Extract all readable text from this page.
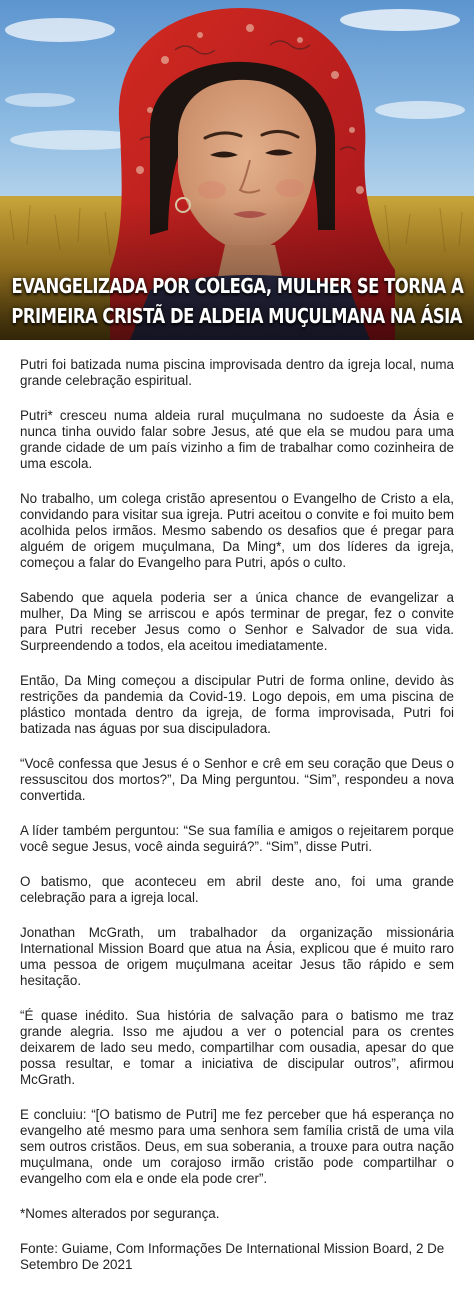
EVANGELIZADA POR COLEGA, MULHER SE TORNA A
PRIMEIRA CRISTÃ DE ALDEIA MUÇULMANA NA ÁSIA

Putri foi batizada numa piscina improvisada dentro da igreja local, numa grande celebração espiritual.

Putri* cresceu numa aldeia rural muçulmana no sudoeste da Ásia e nunca tinha ouvido falar sobre Jesus, até que ela se mudou para uma grande cidade de um país vizinho a fim de trabalhar como cozinheira de uma escola.

No trabalho, um colega cristão apresentou o Evangelho de Cristo a ela, convidando para visitar sua igreja. Putri aceitou o convite e foi muito bem acolhida pelos irmãos. Mesmo sabendo os desafios que é pregar para alguém de origem muçulmana, Da Ming*, um dos líderes da igreja, começou a falar do Evangelho para Putri, após o culto.

Sabendo que aquela poderia ser a única chance de evangelizar a mulher, Da Ming se arriscou e após terminar de pregar, fez o convite para Putri receber Jesus como o Senhor e Salvador de sua vida. Surpreendendo a todos, ela aceitou imediatamente.

Então, Da Ming começou a discipular Putri de forma online, devido às restrições da pandemia da Covid-19. Logo depois, em uma piscina de plástico montada dentro da igreja, de forma improvisada, Putri foi batizada nas águas por sua discipuladora.

“Você confessa que Jesus é o Senhor e crê em seu coração que Deus o ressuscitou dos mortos?”, Da Ming perguntou. “Sim”, respondeu a nova convertida.

A líder também perguntou: “Se sua família e amigos o rejeitarem porque você segue Jesus, você ainda seguirá?”. “Sim”, disse Putri.

O batismo, que aconteceu em abril deste ano, foi uma grande celebração para a igreja local.

Jonathan McGrath, um trabalhador da organização missionária International Mission Board que atua na Ásia, explicou que é muito raro uma pessoa de origem muçulmana aceitar Jesus tão rápido e sem hesitação.

“É quase inédito. Sua história de salvação para o batismo me traz grande alegria. Isso me ajudou a ver o potencial para os crentes deixarem de lado seu medo, compartilhar com ousadia, apesar do que possa resultar, e tomar a iniciativa de discipular outros”, afirmou McGrath.

E concluiu: “[O batismo de Putri] me fez perceber que há esperança no evangelho até mesmo para uma senhora sem família cristã de uma vila sem outros cristãos. Deus, em sua soberania, a trouxe para outra nação muçulmana, onde um corajoso irmão cristão pode compartilhar o evangelho com ela e onde ela pode crer”.

*Nomes alterados por segurança.

Fonte: Guiame, Com Informações De International Mission Board, 2 De Setembro De 2021
